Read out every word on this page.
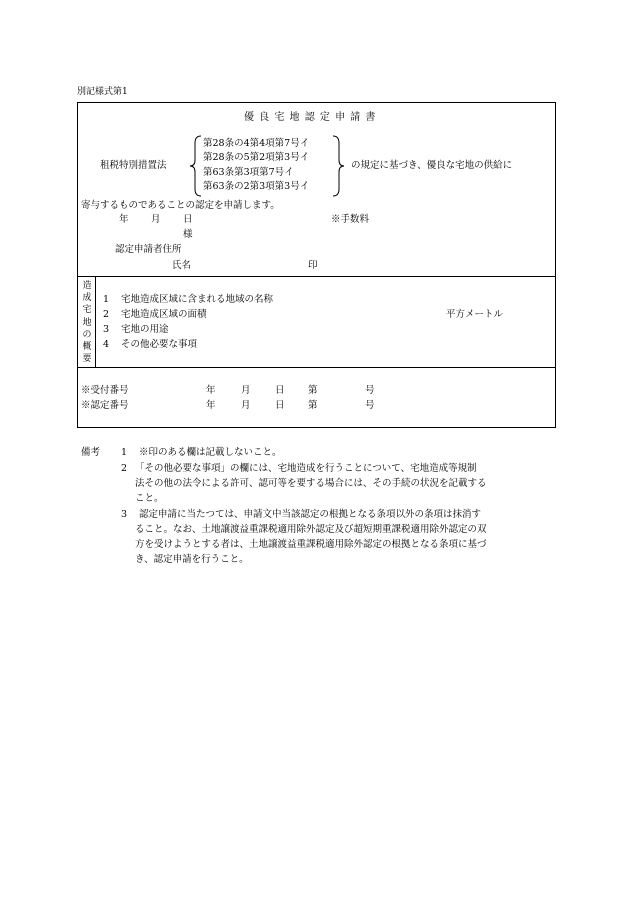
別記様式第1
優 良 宅 地 認 定 申 請 書
租税特別措置法
第28条の4第4項第7号イ
第28条の5第2項第3号イ
第63条第3項第7号イ
第63条の2第3項第3号イ
の規定に基づき、優良な宅地の供給に
寄与するものであることの認定を申請します。
年 月 日	※手数料
様
認定申請者住所
氏名	印
造成宅地の概要
1 宅地造成区域に含まれる地域の名称
2 宅地造成区域の面積	平方メートル
3 宅地の用途
4 その他必要な事項
※受付番号	年	月	日 第	号
※認定番号	年	月	日 第	号
備考 1 ※印のある欄は記載しないこと。
2 「その他必要な事項」の欄には、宅地造成を行うことについて、宅地造成等規制
法その他の法令による許可、認可等を要する場合には、その手続の状況を記載する
こと。
3 認定申請に当たつては、申請文中当該認定の根拠となる条項以外の条項は抹消す
ること。なお、土地譲渡益重課税適用除外認定及び超短期重課税適用除外認定の双
方を受けようとする者は、土地譲渡益重課税適用除外認定の根拠となる条項に基づ
き、認定申請を行うこと。
